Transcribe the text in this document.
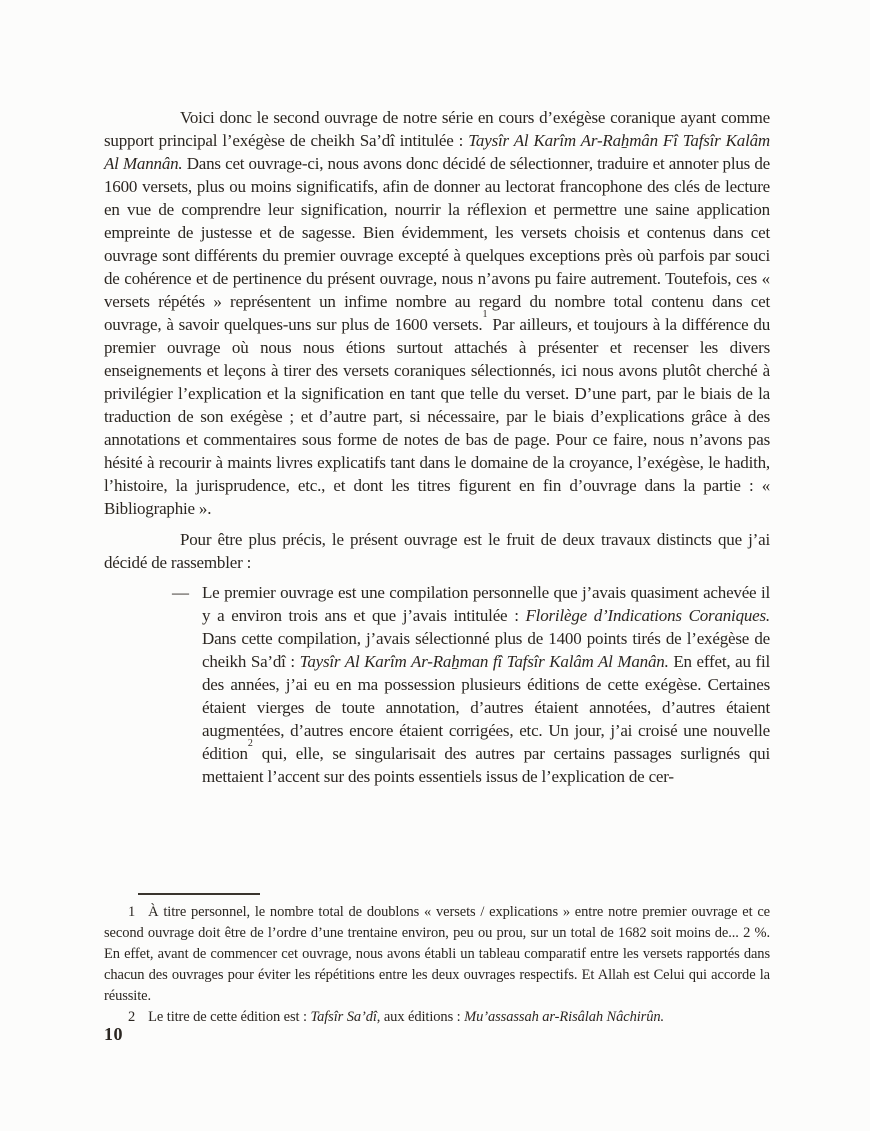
Voici donc le second ouvrage de notre série en cours d’exégèse coranique ayant comme support principal l’exégèse de cheikh Sa’dî intitulée : Taysîr Al Karîm Ar-Raẖmân Fî Tafsîr Kalâm Al Mannân. Dans cet ouvrage-ci, nous avons donc décidé de sélectionner, traduire et annoter plus de 1600 versets, plus ou moins significatifs, afin de donner au lectorat francophone des clés de lecture en vue de comprendre leur signification, nourrir la réflexion et permettre une saine application empreinte de justesse et de sagesse. Bien évidemment, les versets choisis et contenus dans cet ouvrage sont différents du premier ouvrage excepté à quelques exceptions près où parfois par souci de cohérence et de pertinence du présent ouvrage, nous n’avons pu faire autrement. Toutefois, ces « versets répétés » représentent un infime nombre au regard du nombre total contenu dans cet ouvrage, à savoir quelques-uns sur plus de 1600 versets.$^1$ Par ailleurs, et toujours à la différence du premier ouvrage où nous nous étions surtout attachés à présenter et recenser les divers enseignements et leçons à tirer des versets coraniques sélectionnés, ici nous avons plutôt cherché à privilégier l’explication et la signification en tant que telle du verset. D’une part, par le biais de la traduction de son exégèse ; et d’autre part, si nécessaire, par le biais d’explications grâce à des annotations et commentaires sous forme de notes de bas de page. Pour ce faire, nous n’avons pas hésité à recourir à maints livres explicatifs tant dans le domaine de la croyance, l’exégèse, le hadith, l’histoire, la jurisprudence, etc., et dont les titres figurent en fin d’ouvrage dans la partie : « Bibliographie ».

Pour être plus précis, le présent ouvrage est le fruit de deux travaux distincts que j’ai décidé de rassembler :

— Le premier ouvrage est une compilation personnelle que j’avais quasiment achevée il y a environ trois ans et que j’avais intitulée : Florilège d’Indications Coraniques. Dans cette compilation, j’avais sélectionné plus de 1400 points tirés de l’exégèse de cheikh Sa’dî : Taysîr Al Karîm Ar-Raẖman fî Tafsîr Kalâm Al Manân. En effet, au fil des années, j’ai eu en ma possession plusieurs éditions de cette exégèse. Certaines étaient vierges de toute annotation, d’autres étaient annotées, d’autres étaient augmentées, d’autres encore étaient corrigées, etc. Un jour, j’ai croisé une nouvelle édition$^2$ qui, elle, se singularisait des autres par certains passages surlignés qui mettaient l’accent sur des points essentiels issus de l’explication de cer-

1 À titre personnel, le nombre total de doublons « versets / explications » entre notre premier ouvrage et ce second ouvrage doit être de l’ordre d’une trentaine environ, peu ou prou, sur un total de 1682 soit moins de... 2 %. En effet, avant de commencer cet ouvrage, nous avons établi un tableau comparatif entre les versets rapportés dans chacun des ouvrages pour éviter les répétitions entre les deux ouvrages respectifs. Et Allah est Celui qui accorde la réussite.

2 Le titre de cette édition est : Tafsîr Sa’dî, aux éditions : Mu’assassah ar-Risâlah Nâchirûn.

10
